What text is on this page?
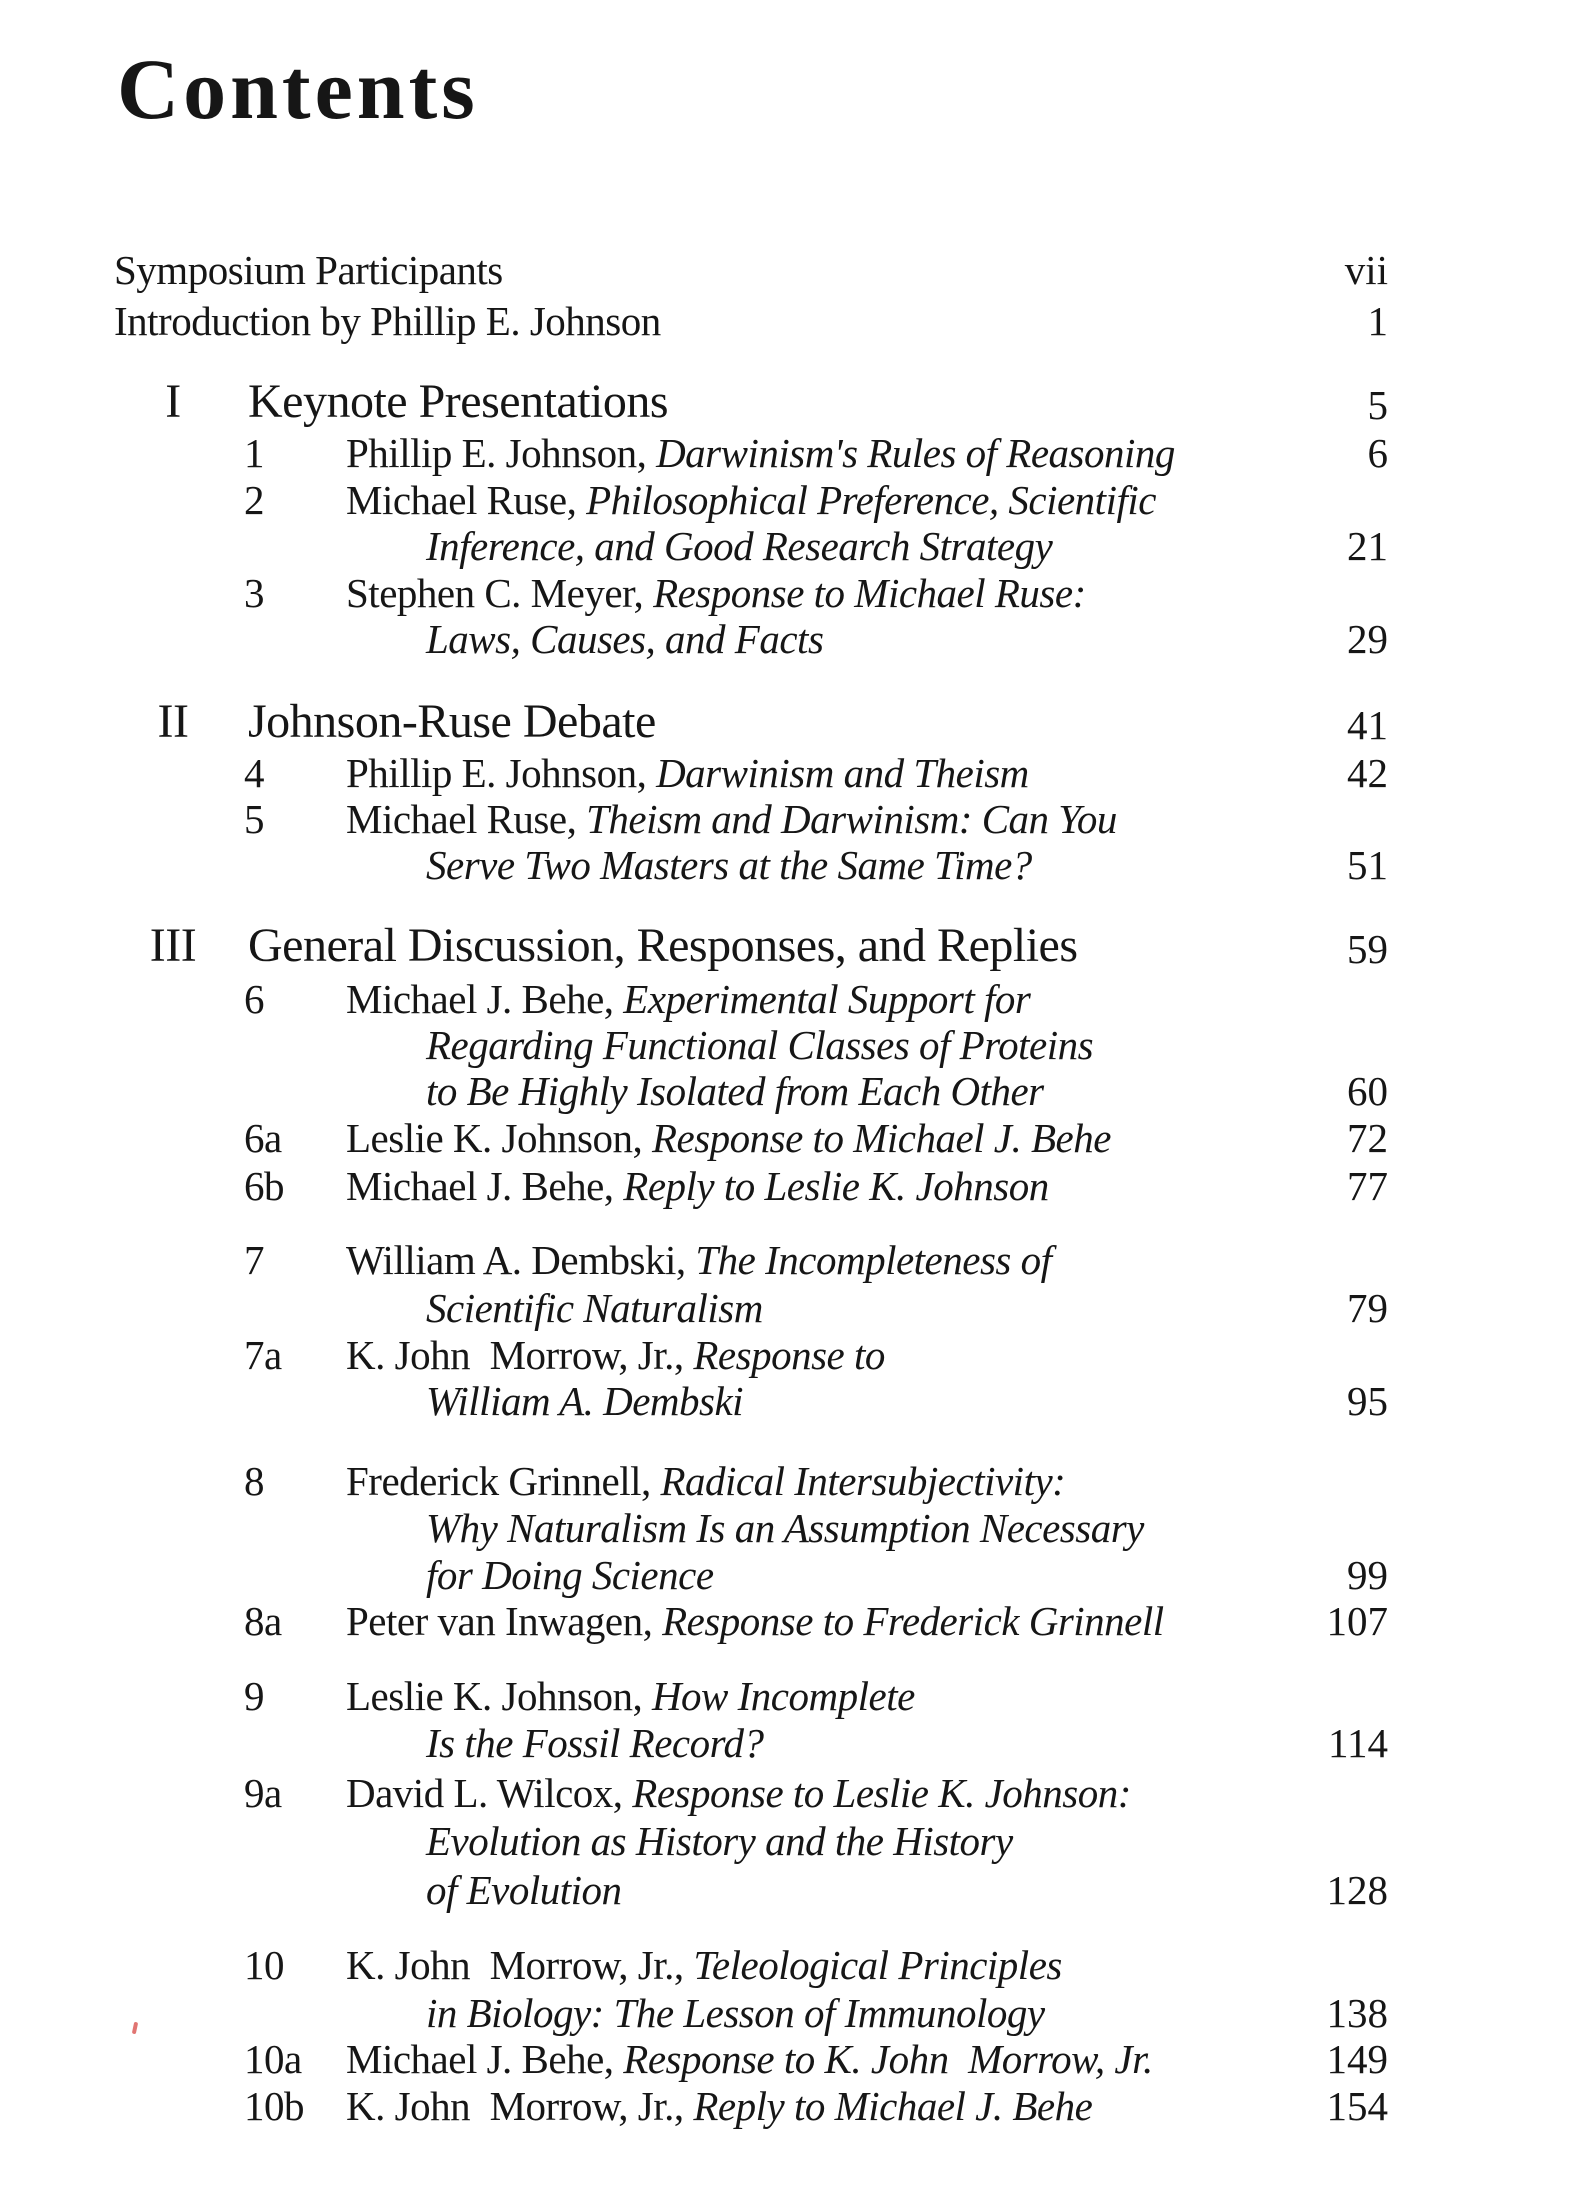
Contents
Symposium Participants	vii
Introduction by Phillip E. Johnson	1
I	Keynote Presentations	5
1 Phillip E. Johnson, Darwinism's Rules of Reasoning	6
2 Michael Ruse, Philosophical Preference, Scientific
Inference, and Good Research Strategy	21
3 Stephen C. Meyer, Response to Michael Ruse:
Laws, Causes, and Facts	29
II	Johnson-Ruse Debate	41
4 Phillip E. Johnson, Darwinism and Theism	42
5 Michael Ruse, Theism and Darwinism: Can You
Serve Two Masters at the Same Time?	51
III	General Discussion, Responses, and Replies	59
6 Michael J. Behe, Experimental Support for
Regarding Functional Classes of Proteins
to Be Highly Isolated from Each Other	60
6a Leslie K. Johnson, Response to Michael J. Behe	72
6b Michael J. Behe, Reply to Leslie K. Johnson	77
7 William A. Dembski, The Incompleteness of
Scientific Naturalism	79
7a K. John  Morrow, Jr., Response to
William A. Dembski	95
8 Frederick Grinnell, Radical Intersubjectivity:
Why Naturalism Is an Assumption Necessary
for Doing Science	99
8a Peter van Inwagen, Response to Frederick Grinnell	107
9 Leslie K. Johnson, How Incomplete
Is the Fossil Record?	114
9a David L. Wilcox, Response to Leslie K. Johnson:
Evolution as History and the History
of Evolution	128
10 K. John  Morrow, Jr., Teleological Principles
in Biology: The Lesson of Immunology	138
10a Michael J. Behe, Response to K. John  Morrow, Jr.	149
10b K. John  Morrow, Jr., Reply to Michael J. Behe	154
